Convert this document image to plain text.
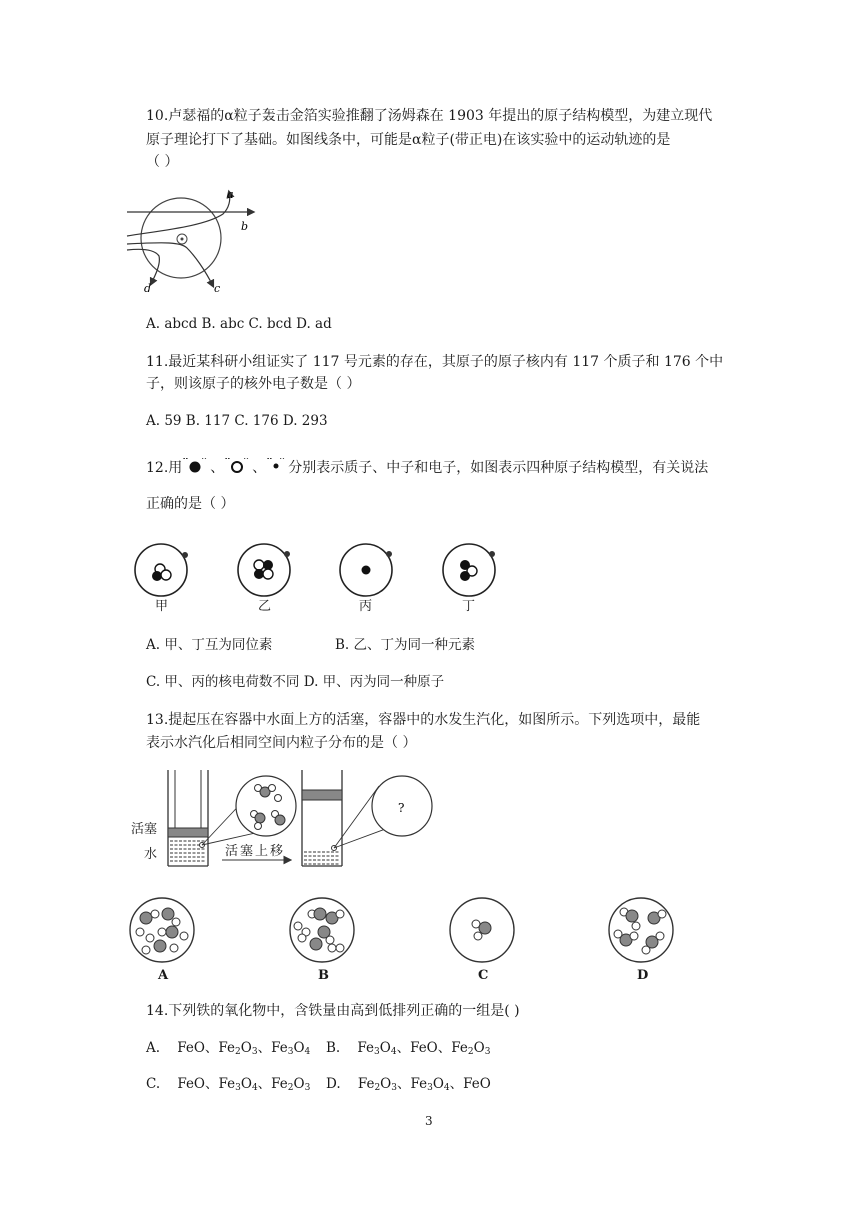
10.卢瑟福的α粒子轰击金箔实验推翻了汤姆森在 1903 年提出的原子结构模型，为建立现代
原子理论打下了基础。如图线条中，可能是α粒子(带正电)在该实验中的运动轨迹的是
（ ）
a
b
c
d
A. abcd B. abc C. bcd D. ad
11.最近某科研小组证实了 117 号元素的存在，其原子的原子核内有 117 个质子和 176 个中
子，则该原子的核外电子数是（ ）
A. 59 B. 117 C. 176 D. 293
12.用 “ ” 、 “ ” 、 “ ” 分别表示质子、中子和电子，如图表示四种原子结构模型，有关说法
正确的是（ ）
甲	乙	丙	丁
A. 甲、丁互为同位素	B. 乙、丁为同一种元素
C. 甲、丙的核电荷数不同 D. 甲、丙为同一种原子
13.提起压在容器中水面上方的活塞，容器中的水发生汽化，如图所示。下列选项中，最能
表示水汽化后相同空间内粒子分布的是（ ）
?
活塞
水	活塞上移
A	B	C	D
14.下列铁的氧化物中，含铁量由高到低排列正确的一组是( )
A. FeO、$Fe_2O_3$、$Fe_3O_4$ B. $Fe_3O_4$、FeO、$Fe_2O_3$
C. FeO、$Fe_3O_4$、$Fe_2O_3$ D. $Fe_2O_3$、$Fe_3O_4$、FeO
3
